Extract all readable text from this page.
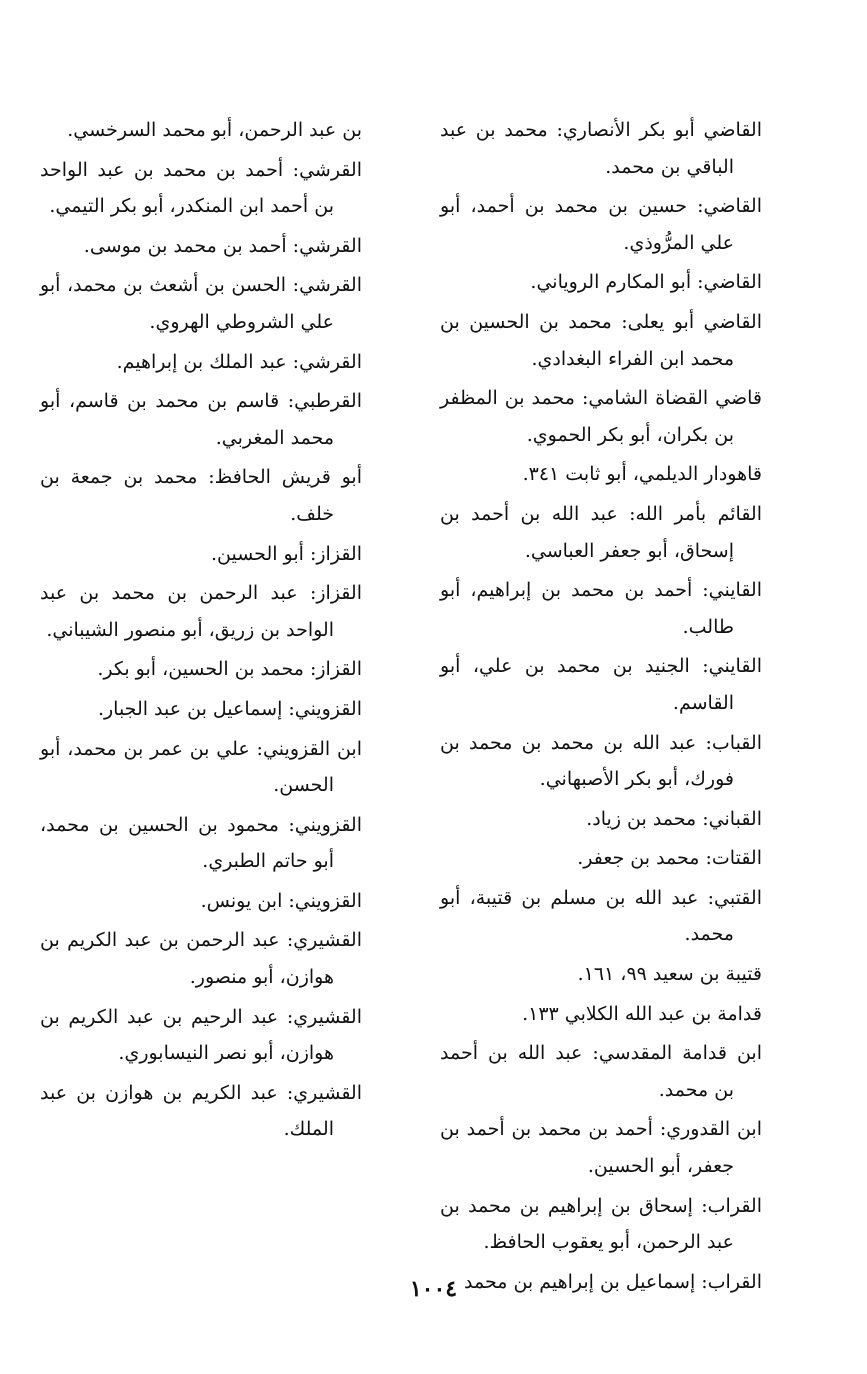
القاضي أبو بكر الأنصاري: محمد بن عبد الباقي بن محمد.

القاضي: حسين بن محمد بن أحمد، أبو علي المرُّوذي.

القاضي: أبو المكارم الروياني.

القاضي أبو يعلى: محمد بن الحسين بن محمد ابن الفراء البغدادي.

قاضي القضاة الشامي: محمد بن المظفر بن بكران، أبو بكر الحموي.

قاهودار الديلمي، أبو ثابت ٣٤١.

القائم بأمر الله: عبد الله بن أحمد بن إسحاق، أبو جعفر العباسي.

القايني: أحمد بن محمد بن إبراهيم، أبو طالب.

القايني: الجنيد بن محمد بن علي، أبو القاسم.

القباب: عبد الله بن محمد بن محمد بن فورك، أبو بكر الأصبهاني.

القباني: محمد بن زياد.

القتات: محمد بن جعفر.

القتبي: عبد الله بن مسلم بن قتيبة، أبو محمد.

قتيبة بن سعيد ٩٩، ١٦١.

قدامة بن عبد الله الكلابي ١٣٣.

ابن قدامة المقدسي: عبد الله بن أحمد بن محمد.

ابن القدوري: أحمد بن محمد بن أحمد بن جعفر، أبو الحسين.

القراب: إسحاق بن إبراهيم بن محمد بن عبد الرحمن، أبو يعقوب الحافظ.

القراب: إسماعيل بن إبراهيم بن محمد

بن عبد الرحمن، أبو محمد السرخسي.

القرشي: أحمد بن محمد بن عبد الواحد بن أحمد ابن المنكدر، أبو بكر التيمي.

القرشي: أحمد بن محمد بن موسى.

القرشي: الحسن بن أشعث بن محمد، أبو علي الشروطي الهروي.

القرشي: عبد الملك بن إبراهيم.

القرطبي: قاسم بن محمد بن قاسم، أبو محمد المغربي.

أبو قريش الحافظ: محمد بن جمعة بن خلف.

القزاز: أبو الحسين.

القزاز: عبد الرحمن بن محمد بن عبد الواحد بن زريق، أبو منصور الشيباني.

القزاز: محمد بن الحسين، أبو بكر.

القزويني: إسماعيل بن عبد الجبار.

ابن القزويني: علي بن عمر بن محمد، أبو الحسن.

القزويني: محمود بن الحسين بن محمد، أبو حاتم الطبري.

القزويني: ابن يونس.

القشيري: عبد الرحمن بن عبد الكريم بن هوازن، أبو منصور.

القشيري: عبد الرحيم بن عبد الكريم بن هوازن، أبو نصر النيسابوري.

القشيري: عبد الكريم بن هوازن بن عبد الملك.

١٠٠٤
